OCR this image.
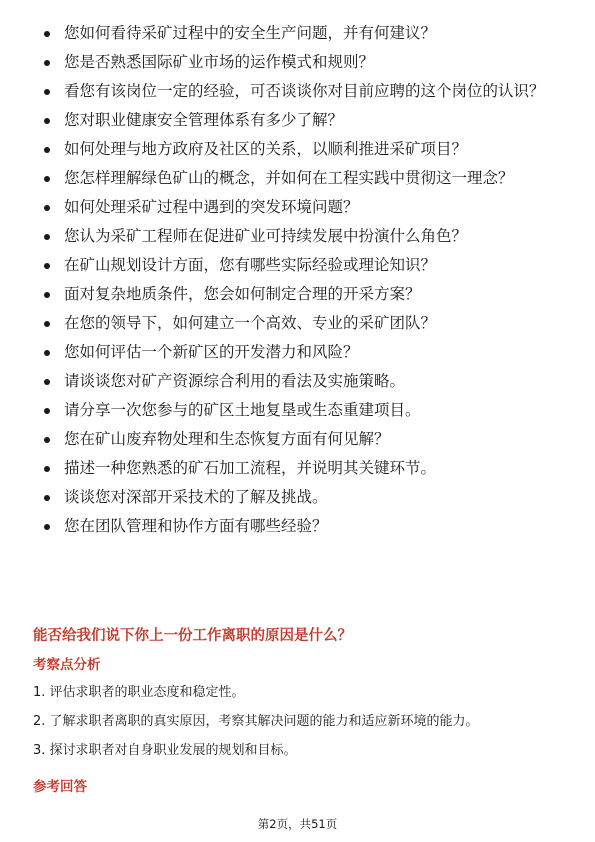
您如何看待采矿过程中的安全生产问题，并有何建议？
您是否熟悉国际矿业市场的运作模式和规则？
看您有该岗位一定的经验，可否谈谈你对目前应聘的这个岗位的认识？
您对职业健康安全管理体系有多少了解？
如何处理与地方政府及社区的关系，以顺利推进采矿项目？
您怎样理解绿色矿山的概念，并如何在工程实践中贯彻这一理念？
如何处理采矿过程中遇到的突发环境问题？
您认为采矿工程师在促进矿业可持续发展中扮演什么角色？
在矿山规划设计方面，您有哪些实际经验或理论知识？
面对复杂地质条件，您会如何制定合理的开采方案？
在您的领导下，如何建立一个高效、专业的采矿团队？
您如何评估一个新矿区的开发潜力和风险？
请谈谈您对矿产资源综合利用的看法及实施策略。
请分享一次您参与的矿区土地复垦或生态重建项目。
您在矿山废弃物处理和生态恢复方面有何见解？
描述一种您熟悉的矿石加工流程，并说明其关键环节。
谈谈您对深部开采技术的了解及挑战。
您在团队管理和协作方面有哪些经验？
能否给我们说下你上一份工作离职的原因是什么？
考察点分析
1. 评估求职者的职业态度和稳定性。
2. 了解求职者离职的真实原因，考察其解决问题的能力和适应新环境的能力。
3. 探讨求职者对自身职业发展的规划和目标。
参考回答
第2页，共51页
